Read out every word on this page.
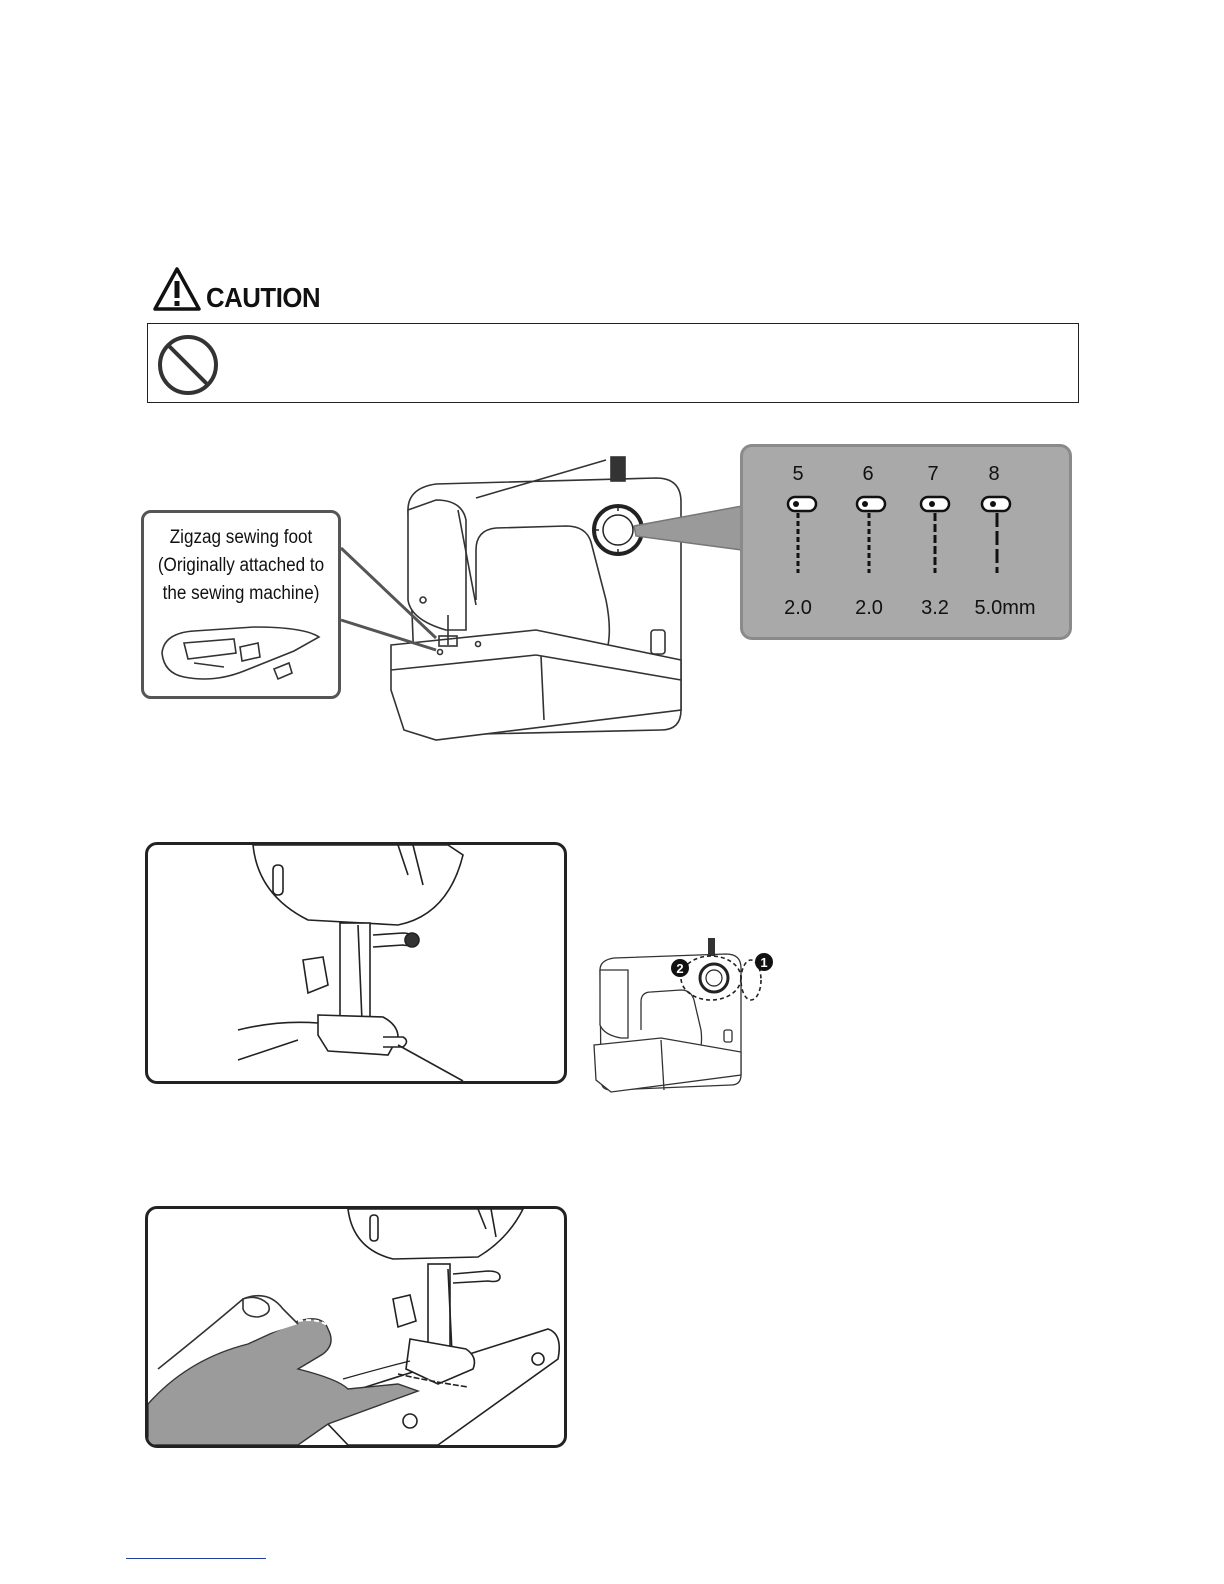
CAUTION
Zigzag sewing foot
(Originally attached to
the sewing machine)
5	6	7	8
2.0	2.0	3.2	5.0mm
2	1
